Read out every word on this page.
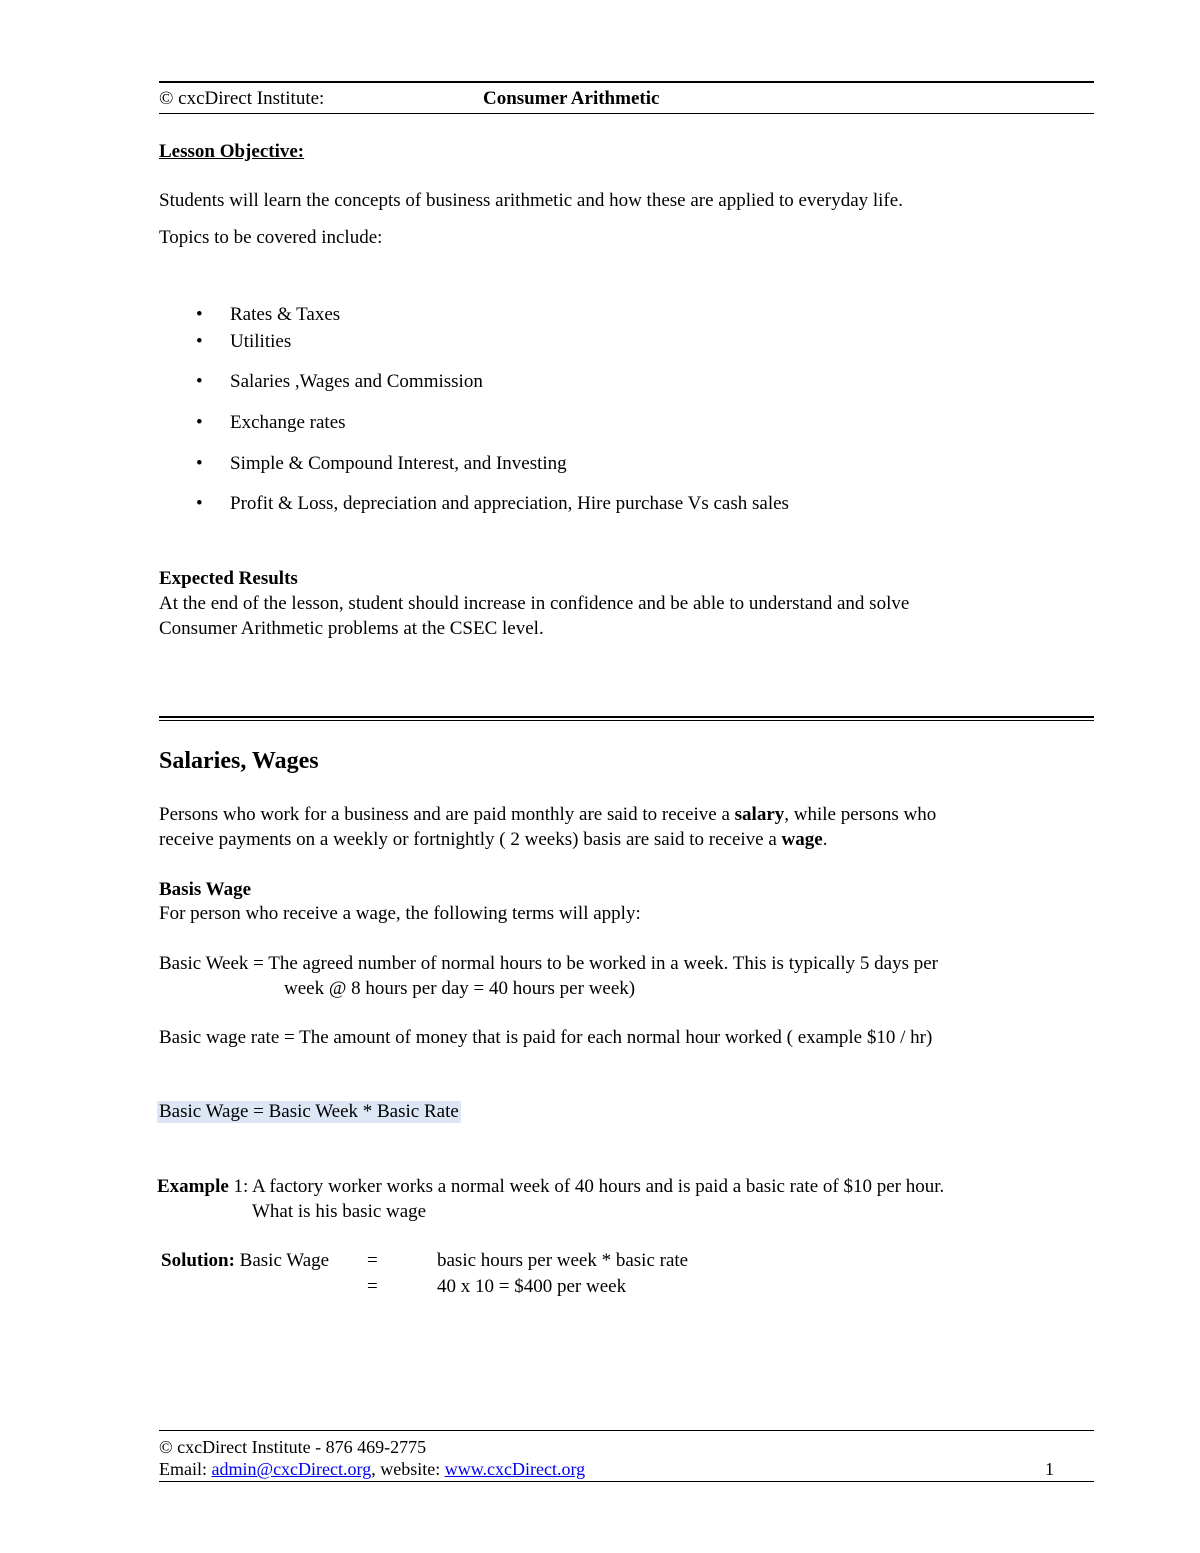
© cxcDirect Institute:	Consumer Arithmetic
Lesson Objective:
Students will learn the concepts of business arithmetic and how these are applied to everyday life.
Topics to be covered include:
• Rates & Taxes
• Utilities
• Salaries ,Wages and Commission
• Exchange rates
• Simple & Compound Interest, and Investing
• Profit & Loss, depreciation and appreciation, Hire purchase Vs cash sales
Expected Results
At the end of the lesson, student should increase in confidence and be able to understand and solve
Consumer Arithmetic problems at the CSEC level.
Salaries, Wages
Persons who work for a business and are paid monthly are said to receive a salary, while persons who
receive payments on a weekly or fortnightly ( 2 weeks) basis are said to receive a wage.
Basis Wage
For person who receive a wage, the following terms will apply:
Basic Week = The agreed number of normal hours to be worked in a week. This is typically 5 days per
week @ 8 hours per day = 40 hours per week)
Basic wage rate = The amount of money that is paid for each normal hour worked ( example $10 / hr)
Basic Wage = Basic Week * Basic Rate
Example 1: A factory worker works a normal week of 40 hours and is paid a basic rate of $10 per hour.
What is his basic wage
Solution: Basic Wage =	basic hours per week * basic rate
=	40 x 10 = $400 per week
© cxcDirect Institute - 876 469-2775
Email: admin@cxcDirect.org, website: www.cxcDirect.org	1
